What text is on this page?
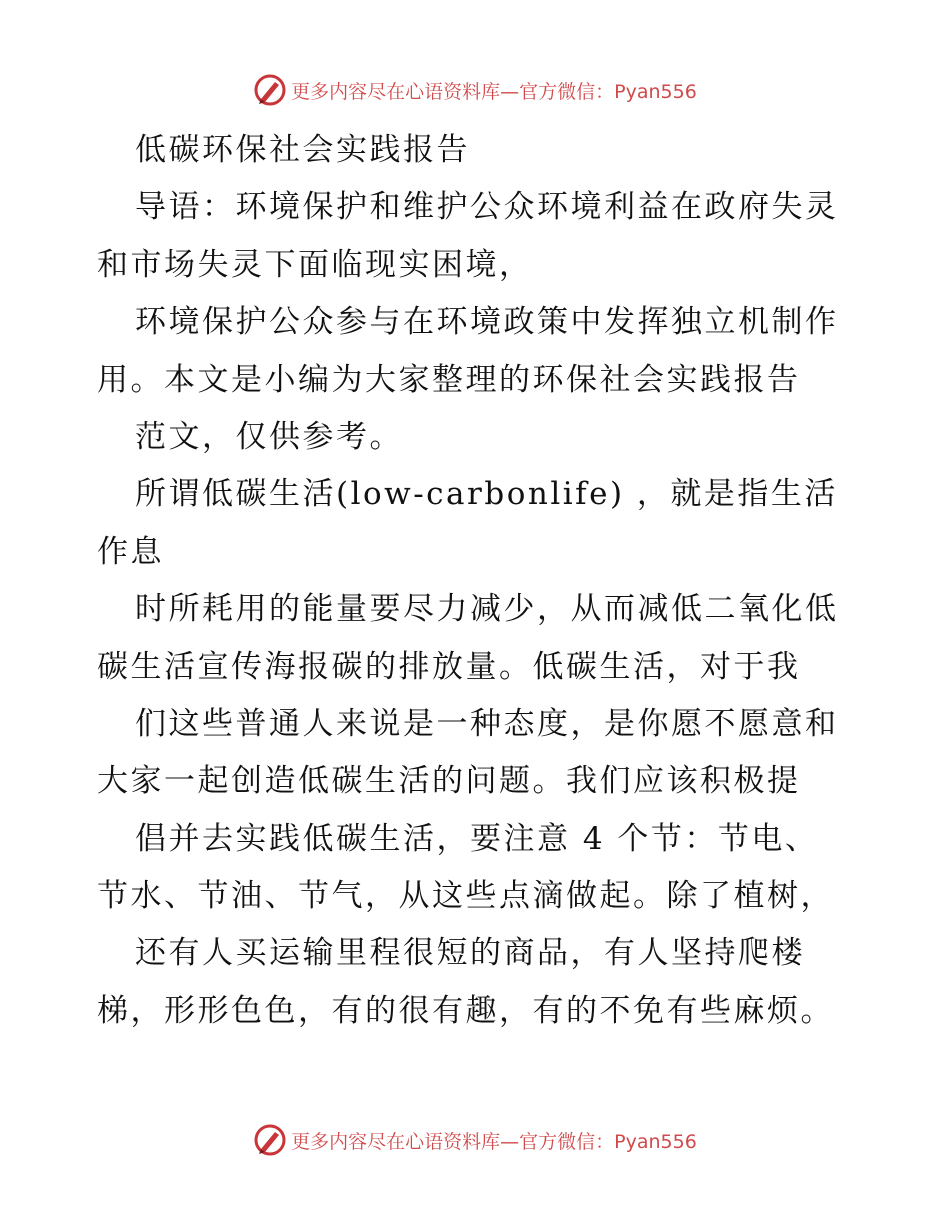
更多内容尽在心语资料库—官方微信：Pyan556
低碳环保社会实践报告
导语：环境保护和维护公众环境利益在政府失灵
和市场失灵下面临现实困境，
环境保护公众参与在环境政策中发挥独立机制作
用。本文是小编为大家整理的环保社会实践报告
范文，仅供参考。
所谓低碳生活(low-carbonlife) ，就是指生活
作息
时所耗用的能量要尽力减少，从而减低二氧化低
碳生活宣传海报碳的排放量。低碳生活，对于我
们这些普通人来说是一种态度，是你愿不愿意和
大家一起创造低碳生活的问题。我们应该积极提
倡并去实践低碳生活，要注意 4 个节：节电、
节水、节油、节气，从这些点滴做起。除了植树，
还有人买运输里程很短的商品，有人坚持爬楼
梯，形形色色，有的很有趣，有的不免有些麻烦。
更多内容尽在心语资料库—官方微信：Pyan556
